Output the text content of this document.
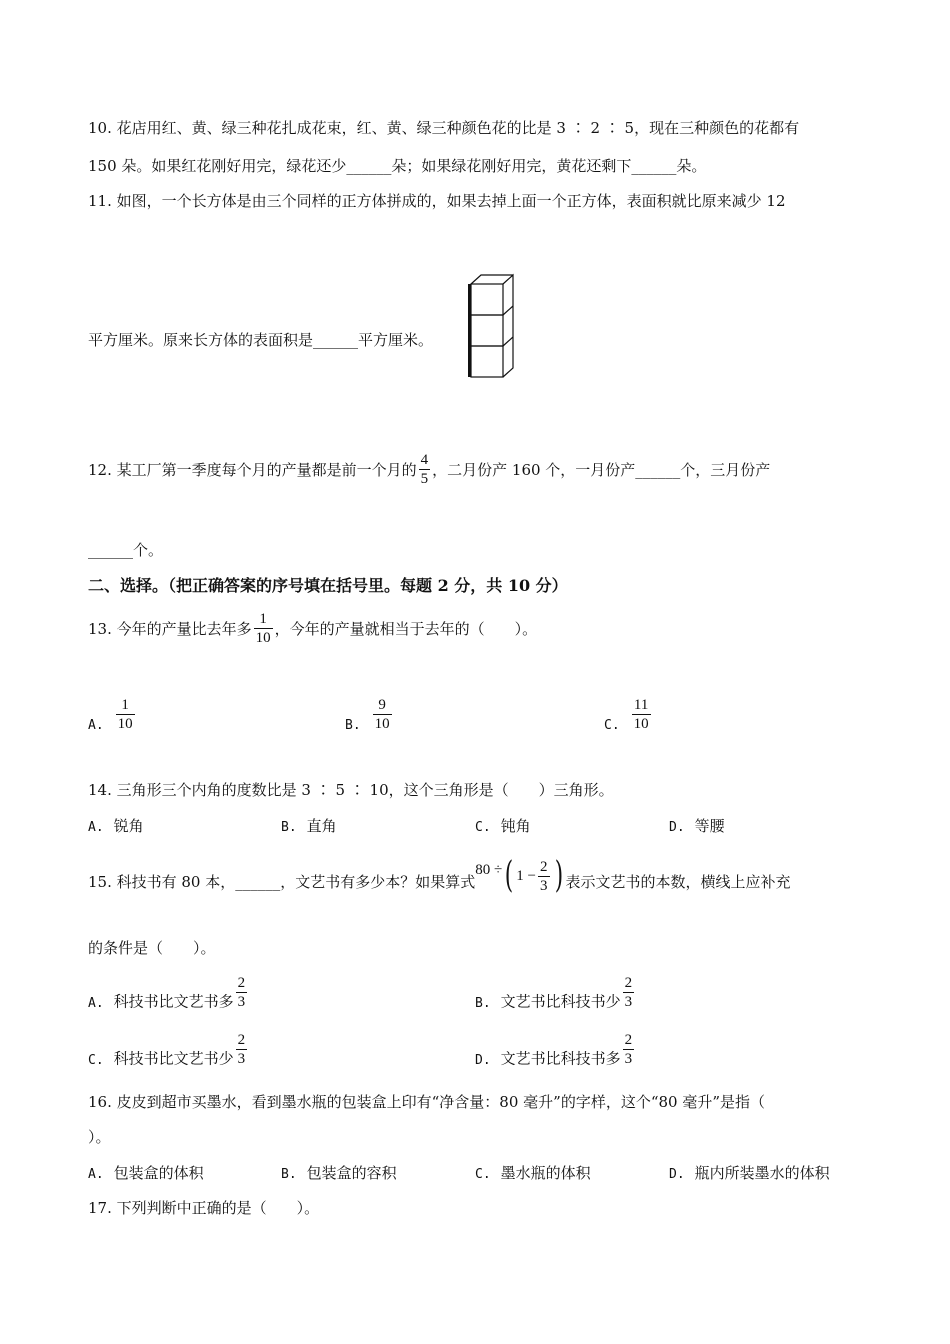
10. 花店用红、黄、绿三种花扎成花束，红、黄、绿三种颜色花的比是 3 ∶ 2 ∶ 5，现在三种颜色的花都有
150 朵。如果红花刚好用完，绿花还少______朵；如果绿花刚好用完，黄花还剩下______朵。
11. 如图，一个长方体是由三个同样的正方体拼成的，如果去掉上面一个正方体，表面积就比原来减少 12
平方厘米。原来长方体的表面积是______平方厘米。
12. 某工厂第一季度每个月的产量都是前一个月的 $\frac{4}{5}$ ，二月份产 160 个，一月份产______个，三月份产
______个。
二、选择。（把正确答案的序号填在括号里。每题 2 分，共 10 分）
13. 今年的产量比去年多 $\frac{1}{10}$ ，今年的产量就相当于去年的（　　）。
A. $\frac{1}{10}$	B. $\frac{9}{10}$	C. $\frac{11}{10}$
14. 三角形三个内角的度数比是 3 ∶ 5 ∶ 10，这个三角形是（　　）三角形。
A. 锐角	B. 直角	C. 钝角	D. 等腰
15. 科技书有 80 本，______，文艺书有多少本？如果算式80 ÷( $1 - \frac{2}{3}$ ) 表示文艺书的本数，横线上应补充
的条件是（　　）。
A. 科技书比文艺书多 $\frac{2}{3}$	B. 文艺书比科技书少 $\frac{2}{3}$
C. 科技书比文艺书少 $\frac{2}{3}$	D. 文艺书比科技书多 $\frac{2}{3}$
16. 皮皮到超市买墨水，看到墨水瓶的包装盒上印有“净含量：80 毫升”的字样，这个“80 毫升”是指（
）。
A. 包装盒的体积	B. 包装盒的容积	C. 墨水瓶的体积	D. 瓶内所装墨水的体积
17. 下列判断中正确的是（　　）。
